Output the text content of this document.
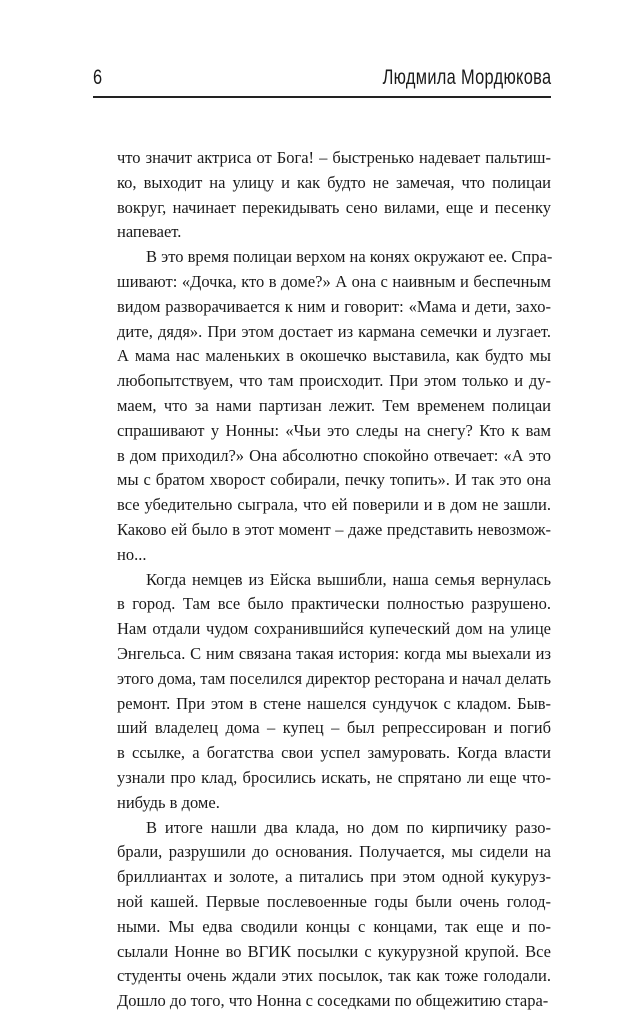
6	Людмила Мордюкова
что значит актриса от Бога! – быстренько надевает пальтиш-
ко, выходит на улицу и как будто не замечая, что полицаи
вокруг, начинает перекидывать сено вилами, еще и песенку
напевает.
В это время полицаи верхом на конях окружают ее. Спра-
шивают: «Дочка, кто в доме?» А она с наивным и беспечным
видом разворачивается к ним и говорит: «Мама и дети, захо-
дите, дядя». При этом достает из кармана семечки и лузгает.
А мама нас маленьких в окошечко выставила, как будто мы
любопытствуем, что там происходит. При этом только и ду-
маем, что за нами партизан лежит. Тем временем полицаи
спрашивают у Нонны: «Чьи это следы на снегу? Кто к вам
в дом приходил?» Она абсолютно спокойно отвечает: «А это
мы с братом хворост собирали, печку топить». И так это она
все убедительно сыграла, что ей поверили и в дом не зашли.
Каково ей было в этот момент – даже представить невозмож-
но...
Когда немцев из Ейска вышибли, наша семья вернулась
в город. Там все было практически полностью разрушено.
Нам отдали чудом сохранившийся купеческий дом на улице
Энгельса. С ним связана такая история: когда мы выехали из
этого дома, там поселился директор ресторана и начал делать
ремонт. При этом в стене нашелся сундучок с кладом. Быв-
ший владелец дома – купец – был репрессирован и погиб
в ссылке, а богатства свои успел замуровать. Когда власти
узнали про клад, бросились искать, не спрятано ли еще что-
нибудь в доме.
В итоге нашли два клада, но дом по кирпичику разо-
брали, разрушили до основания. Получается, мы сидели на
бриллиантах и золоте, а питались при этом одной кукуруз-
ной кашей. Первые послевоенные годы были очень голод-
ными. Мы едва сводили концы с концами, так еще и по-
сылали Нонне во ВГИК посылки с кукурузной крупой. Все
студенты очень ждали этих посылок, так как тоже голодали.
Дошло до того, что Нонна с соседками по общежитию стара-
